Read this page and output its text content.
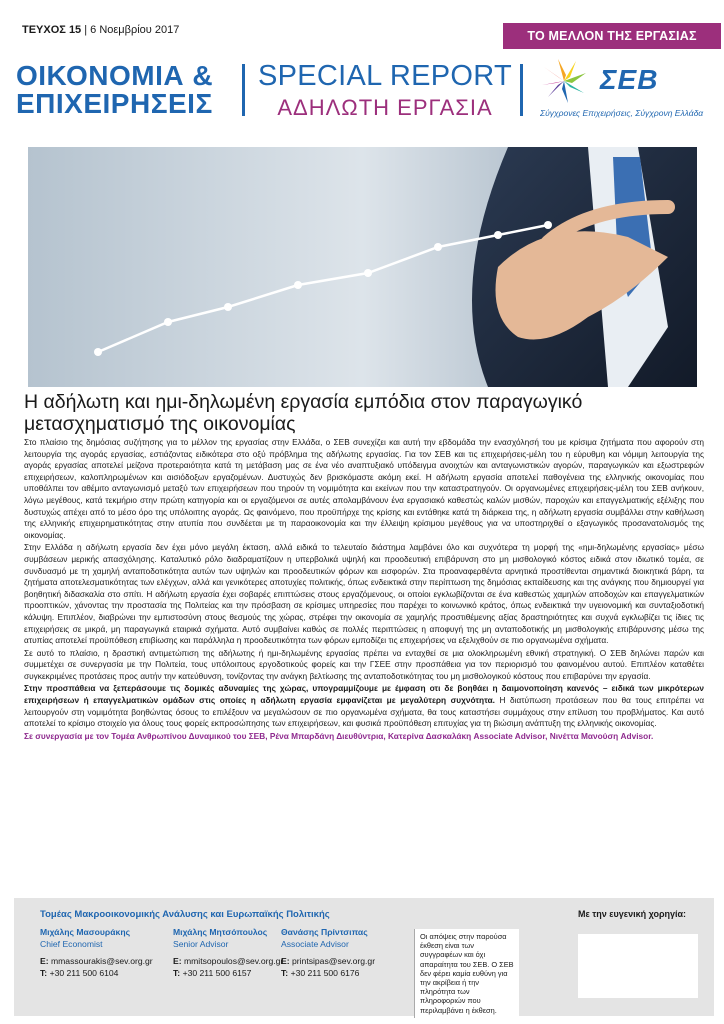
ΤΕΥΧΟΣ 15 | 6 Νοεμβρίου 2017	ΤΟ ΜΕΛΛΟΝ ΤΗΣ ΕΡΓΑΣΙΑΣ
ΟΙΚΟΝΟΜΙΑ &
ΕΠΙΧΕΙΡΗΣΕΙΣ
SPECIAL REPORT
ΑΔΗΛΩΤΗ ΕΡΓΑΣΙΑ
ΣΕΒ
Σύγχρονες Επιχειρήσεις, Σύγχρονη Ελλάδα
Η αδήλωτη και ημι-δηλωμένη εργασία εμπόδια στον παραγωγικό μετασχηματισμό της οικονομίας

Στο πλαίσιο της δημόσιας συζήτησης για το μέλλον της εργασίας στην Ελλάδα, ο ΣΕΒ συνεχίζει και αυτή την εβδομάδα την ενασχόλησή του με κρίσιμα ζητήματα που αφορούν στη λειτουργία της αγοράς εργασίας, εστιάζοντας ειδικότερα στο οξύ πρόβλημα της αδήλωτης εργασίας. Για τον ΣΕΒ και τις επιχειρήσεις-μέλη του η εύρυθμη και νόμιμη λειτουργία της αγοράς εργασίας αποτελεί μείζονα προτεραιότητα κατά τη μετάβαση μας σε ένα νέο αναπτυξιακό υπόδειγμα ανοιχτών και ανταγωνιστικών αγορών, παραγωγικών και εξωστρεφών επιχειρήσεων, καλοπληρωμένων και αισιόδοξων εργαζομένων. Δυστυχώς δεν βρισκόμαστε ακόμη εκεί. Η αδήλωτη εργασία αποτελεί παθογένεια της ελληνικής οικονομίας που υποθάλπει τον αθέμιτο ανταγωνισμό μεταξύ των επιχειρήσεων που τηρούν τη νομιμότητα και εκείνων που την καταστρατηγούν. Οι οργανωμένες επιχειρήσεις-μέλη του ΣΕΒ ανήκουν, λόγω μεγέθους, κατά τεκμήριο στην πρώτη κατηγορία και οι εργαζόμενοι σε αυτές απολαμβάνουν ένα εργασιακό καθεστώς καλών μισθών, παροχών και επαγγελματικής εξέλιξης που δυστυχώς απέχει από το μέσο όρο της υπόλοιπης αγοράς. Ως φαινόμενο, που προϋπήρχε της κρίσης και εντάθηκε κατά τη διάρκεια της, η αδήλωτη εργασία συμβάλλει στην καθήλωση της ελληνικής επιχειρηματικότητας στην ατυπία που συνδέεται με τη παραοικονομία και την έλλειψη κρίσιμου μεγέθους για να υποστηριχθεί ο εξαγωγικός προσανατολισμός της οικονομίας.

Στην Ελλάδα η αδήλωτη εργασία δεν έχει μόνο μεγάλη έκταση, αλλά ειδικά το τελευταίο διάστημα λαμβάνει όλο και συχνότερα τη μορφή της «ημι-δηλωμένης εργασίας» μέσω συμβάσεων μερικής απασχόλησης. Καταλυτικό ρόλο διαδραματίζουν η υπερβολικά υψηλή και προοδευτική επιβάρυνση στο μη μισθολογικό κόστος ειδικά στον ιδιωτικό τομέα, σε συνδυασμό με τη χαμηλή ανταποδοτικότητα αυτών των υψηλών και προοδευτικών φόρων και εισφορών. Στα προαναφερθέντα αρνητικά προστίθενται σημαντικά διοικητικά βάρη, τα ζητήματα αποτελεσματικότητας των ελέγχων, αλλά και γενικότερες αποτυχίες πολιτικής, όπως ενδεικτικά στην περίπτωση της δημόσιας εκπαίδευσης και της ανάγκης που δημιουργεί για βοηθητική διδασκαλία στο σπίτι. Η αδήλωτη εργασία έχει σοβαρές επιπτώσεις στους εργαζόμενους, οι οποίοι εγκλωβίζονται σε ένα καθεστώς χαμηλών αποδοχών και επαγγελματικών προοπτικών, χάνοντας την προστασία της Πολιτείας και την πρόσβαση σε κρίσιμες υπηρεσίες που παρέχει το κοινωνικό κράτος, όπως ενδεικτικά την υγειονομική και συνταξιοδοτική κάλυψη. Επιπλέον, διαβρώνει την εμπιστοσύνη στους θεσμούς της χώρας, στρέφει την οικονομία σε χαμηλής προστιθέμενης αξίας δραστηριότητες και συχνά εγκλωβίζει τις ίδιες τις επιχειρήσεις σε μικρά, μη παραγωγικά εταιρικά σχήματα. Αυτό συμβαίνει καθώς σε πολλές περιπτώσεις η αποφυγή της μη ανταποδοτικής μη μισθολογικής επιβάρυνσης μέσω της ατυπίας αποτελεί προϋπόθεση επιβίωσης και παράλληλα η προοδευτικότητα των φόρων εμποδίζει τις επιχειρήσεις να εξελιχθούν σε πιο οργανωμένα σχήματα.

Σε αυτό το πλαίσιο, η δραστική αντιμετώπιση της αδήλωτης ή ημι-δηλωμένης εργασίας πρέπει να ενταχθεί σε μια ολοκληρωμένη εθνική στρατηγική. Ο ΣΕΒ δηλώνει παρών και συμμετέχει σε συνεργασία με την Πολιτεία, τους υπόλοιπους εργοδοτικούς φορείς και την ΓΣΕΕ στην προσπάθεια για τον περιορισμό του φαινομένου αυτού. Επιπλέον καταθέτει συγκεκριμένες προτάσεις προς αυτήν την κατεύθυνση, τονίζοντας την ανάγκη βελτίωσης της ανταποδοτικότητας του μη μισθολογικού κόστους που επιβαρύνει την εργασία.

Στην προσπάθεια να ξεπεράσουμε τις δομικές αδυναμίες της χώρας, υπογραμμίζουμε με έμφαση οτι δε βοηθάει η δαιμονοποίηση κανενός – ειδικά των μικρότερων επιχειρήσεων ή επαγγελματικών ομάδων στις οποίες η αδήλωτη εργασία εμφανίζεται με μεγαλύτερη συχνότητα. Η διατύπωση προτάσεων που θα τους επιτρέπει να λειτουργούν στη νομιμότητα βοηθώντας όσους το επιλέξουν να μεγαλώσουν σε πιο οργανωμένα σχήματα, θα τους καταστήσει συμμάχους στην επίλυση του προβλήματος. Και αυτό αποτελεί το κρίσιμο στοιχείο για όλους τους φορείς εκπροσώπησης των επιχειρήσεων, και φυσικά προϋπόθεση επιτυχίας για τη βιώσιμη ανάπτυξη της ελληνικής οικονομίας.

Σε συνεργασία με τον Τομέα Ανθρωπίνου Δυναμικού του ΣΕΒ, Ρένα Μπαρδάνη Διευθύντρια, Κατερίνα Δασκαλάκη Associate Advisor, Νινέττα Μανούση Advisor.

Τομέας Μακροοικονομικής Ανάλυσης και Ευρωπαϊκής Πολιτικής	Με την ευγενική χορηγία:
Μιχάλης Μασουράκης
Chief Economist
E: mmassourakis@sev.org.gr
T: +30 211 500 6104
Μιχάλης Μητσόπουλος
Senior Advisor
E: mmitsopoulos@sev.org.gr
T: +30 211 500 6157
Θανάσης Πρίντσιπας
Associate Advisor
E: printsipas@sev.org.gr
T: +30 211 500 6176
Οι απόψεις στην παρούσα έκθεση είναι των συγγραφέων και όχι απαραίτητα του ΣΕΒ. Ο ΣΕΒ δεν φέρει καμία ευθύνη για την ακρίβεια ή την πληρότητα των πληροφοριών που περιλαμβάνει η έκθεση.
